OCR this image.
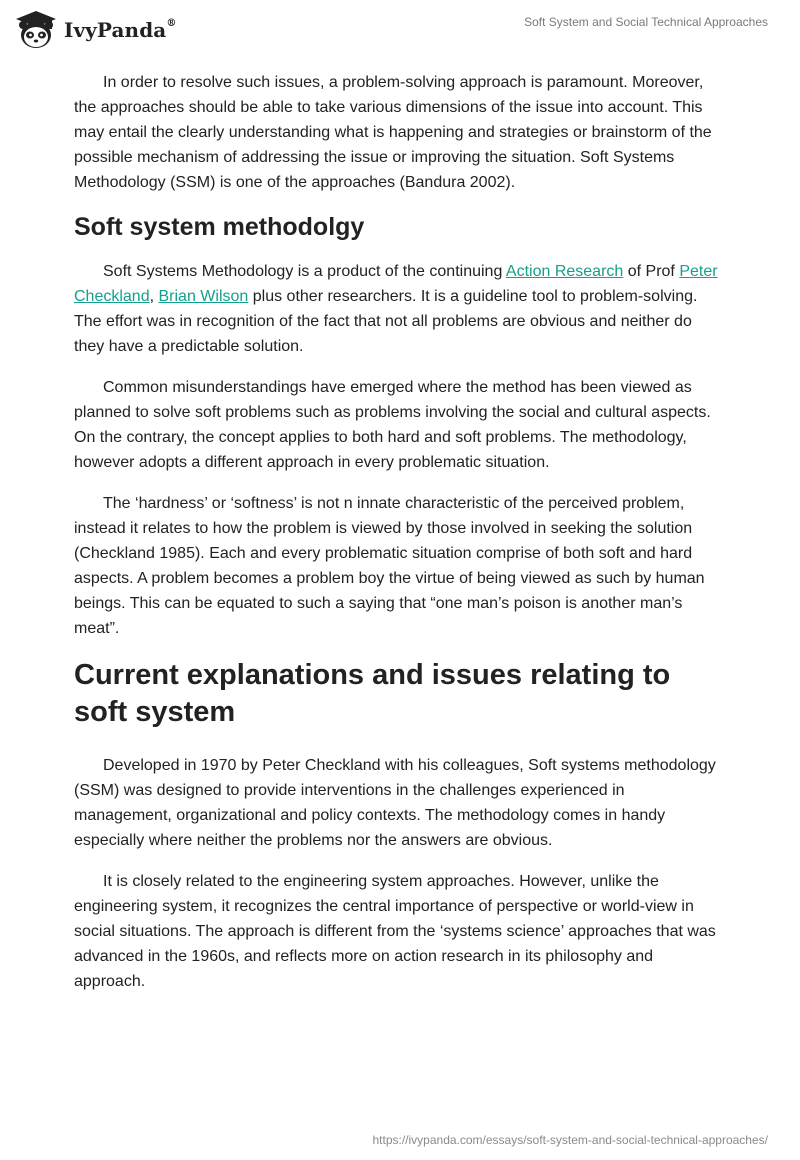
IvyPanda®	Soft System and Social Technical Approaches

In order to resolve such issues, a problem-solving approach is paramount. Moreover, the approaches should be able to take various dimensions of the issue into account. This may entail the clearly understanding what is happening and strategies or brainstorm of the possible mechanism of addressing the issue or improving the situation. Soft Systems Methodology (SSM) is one of the approaches (Bandura 2002).

Soft system methodolgy

Soft Systems Methodology is a product of the continuing Action Research of Prof Peter Checkland, Brian Wilson plus other researchers. It is a guideline tool to problem-solving. The effort was in recognition of the fact that not all problems are obvious and neither do they have a predictable solution.

Common misunderstandings have emerged where the method has been viewed as planned to solve soft problems such as problems involving the social and cultural aspects. On the contrary, the concept applies to both hard and soft problems. The methodology, however adopts a different approach in every problematic situation.

The ‘hardness’ or ‘softness’ is not n innate characteristic of the perceived problem, instead it relates to how the problem is viewed by those involved in seeking the solution (Checkland 1985). Each and every problematic situation comprise of both soft and hard aspects. A problem becomes a problem boy the virtue of being viewed as such by human beings. This can be equated to such a saying that “one man’s poison is another man’s meat”.

Current explanations and issues relating to soft system

Developed in 1970 by Peter Checkland with his colleagues, Soft systems methodology (SSM) was designed to provide interventions in the challenges experienced in management, organizational and policy contexts. The methodology comes in handy especially where neither the problems nor the answers are obvious.

It is closely related to the engineering system approaches. However, unlike the engineering system, it recognizes the central importance of perspective or world-view in social situations. The approach is different from the ‘systems science’ approaches that was advanced in the 1960s, and reflects more on action research in its philosophy and approach.

https://ivypanda.com/essays/soft-system-and-social-technical-approaches/
